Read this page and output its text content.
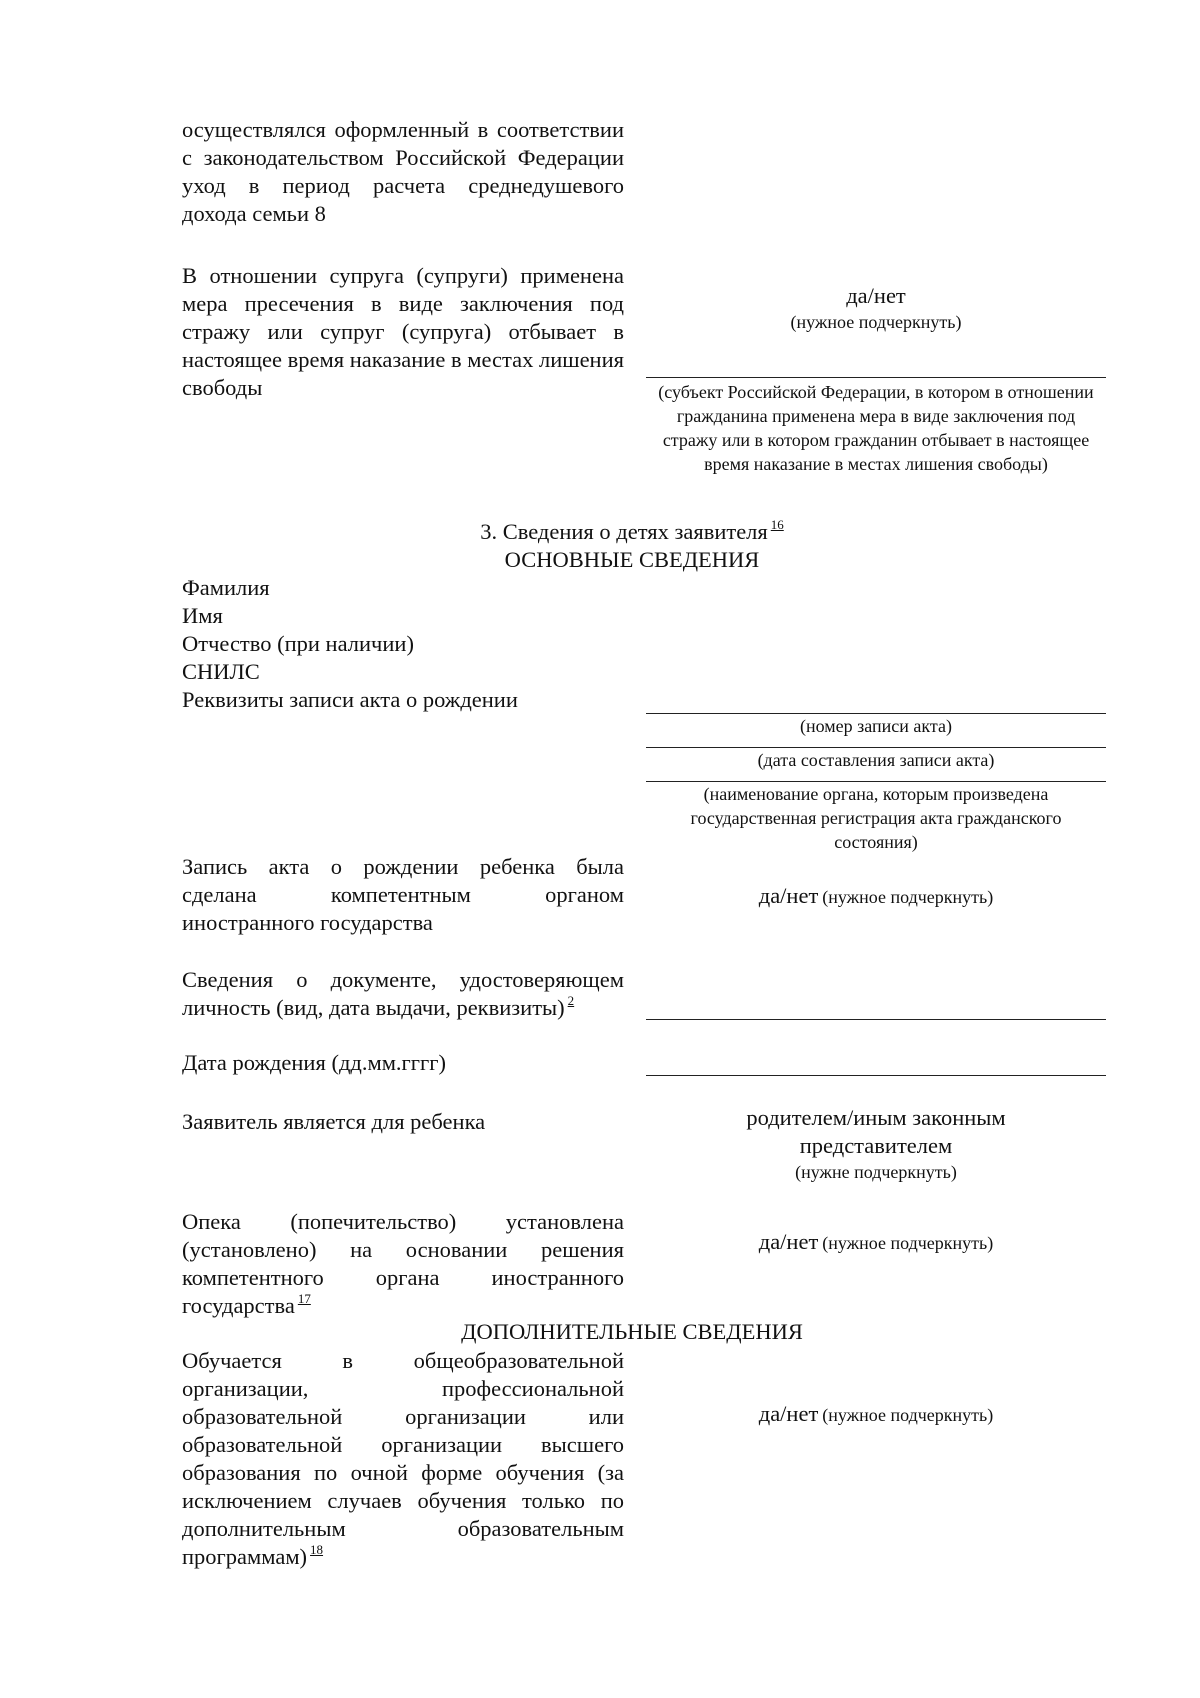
осуществлялся оформленный в соответствии с законодательством Российской Федерации уход в период расчета среднедушевого дохода семьи 8
В отношении супруга (супруги) применена мера пресечения в виде заключения под стражу или супруг (супруга) отбывает в настоящее время наказание в местах лишения свободы
да/нет
(нужное подчеркнуть)
(субъект Российской Федерации, в котором в отношении гражданина применена мера в виде заключения под стражу или в котором гражданин отбывает в настоящее время наказание в местах лишения свободы)
3. Сведения о детях заявителя $^{16}$
ОСНОВНЫЕ СВЕДЕНИЯ
Фамилия
Имя
Отчество (при наличии)
СНИЛС
Реквизиты записи акта о рождении
(номер записи акта)
(дата составления записи акта)
(наименование органа, которым произведена государственная регистрация акта гражданского состояния)
Запись акта о рождении ребенка была сделана компетентным органом иностранного государства
да/нет (нужное подчеркнуть)
Сведения о документе, удостоверяющем личность (вид, дата выдачи, реквизиты) $^2$
Дата рождения (дд.мм.гггг)
Заявитель является для ребенка	родителем/иным законным
представителем
(нужне подчеркнуть)
Опека (попечительство) установлена (установлено) на основании решения компетентного органа иностранного государства $^{17}$
да/нет (нужное подчеркнуть)
ДОПОЛНИТЕЛЬНЫЕ СВЕДЕНИЯ
Обучается в общеобразовательной организации, профессиональной образовательной организации или образовательной организации высшего образования по очной форме обучения (за исключением случаев обучения только по дополнительным образовательным программам) $^{18}$
да/нет (нужное подчеркнуть)
